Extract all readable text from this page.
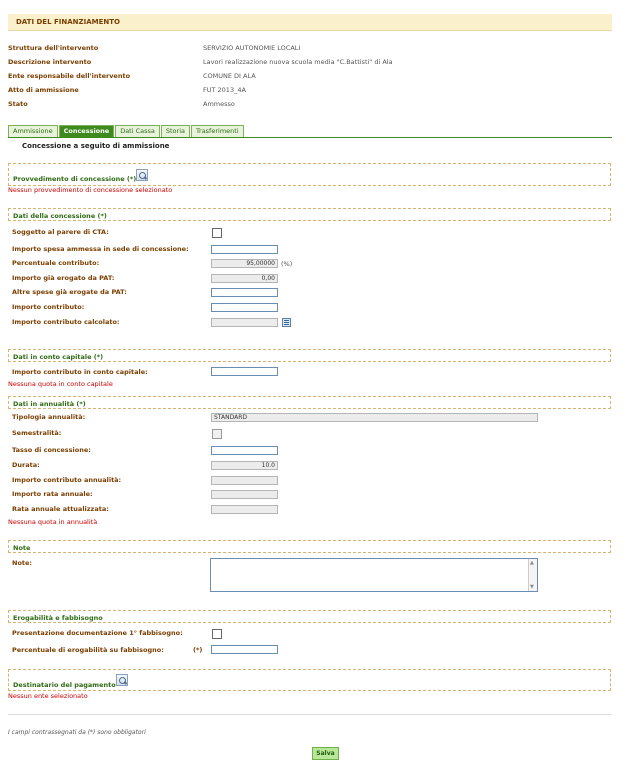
DATI DEL FINANZIAMENTO
Struttura dell'intervento	SERVIZIO AUTONOMIE LOCALI
Descrizione intervento	Lavori realizzazione nuova scuola media "C.Battisti" di Ala
Ente responsabile dell'intervento	COMUNE DI ALA
Atto di ammissione	FUT 2013_4A
Stato	Ammesso
Ammissione	Concessione	Dati Cassa	Storia	Trasferimenti
Concessione a seguito di ammissione
Provvedimento di concessione (*)
Nessun provvedimento di concessione selezionato
Dati della concessione (*)
Soggetto al parere di CTA:
Importo spesa ammessa in sede di concessione:
Percentuale contributo:	95,00000 (%)
Importo già erogato da PAT:	0,00
Altre spese già erogate da PAT:
Importo contributo:
Importo contributo calcolato:
Dati in conto capitale (*)
Importo contributo in conto capitale:
Nessuna quota in conto capitale
Dati in annualità (*)
Tipologia annualità:	STANDARD
Semestralità:
Tasso di concessione:
Durata:	10.0
Importo contributo annualità:
Importo rata annuale:
Rata annuale attualizzata:
Nessuna quota in annualità
Note
Note:	▲
▼
Erogabilità e fabbisogno
Presentazione documentazione 1° fabbisogno:
Percentuale di erogabilità su fabbisogno:	(*)
Destinatario del pagamento
Nessun ente selezionato
I campi contrassegnati da (*) sono obbligatori
Salva
